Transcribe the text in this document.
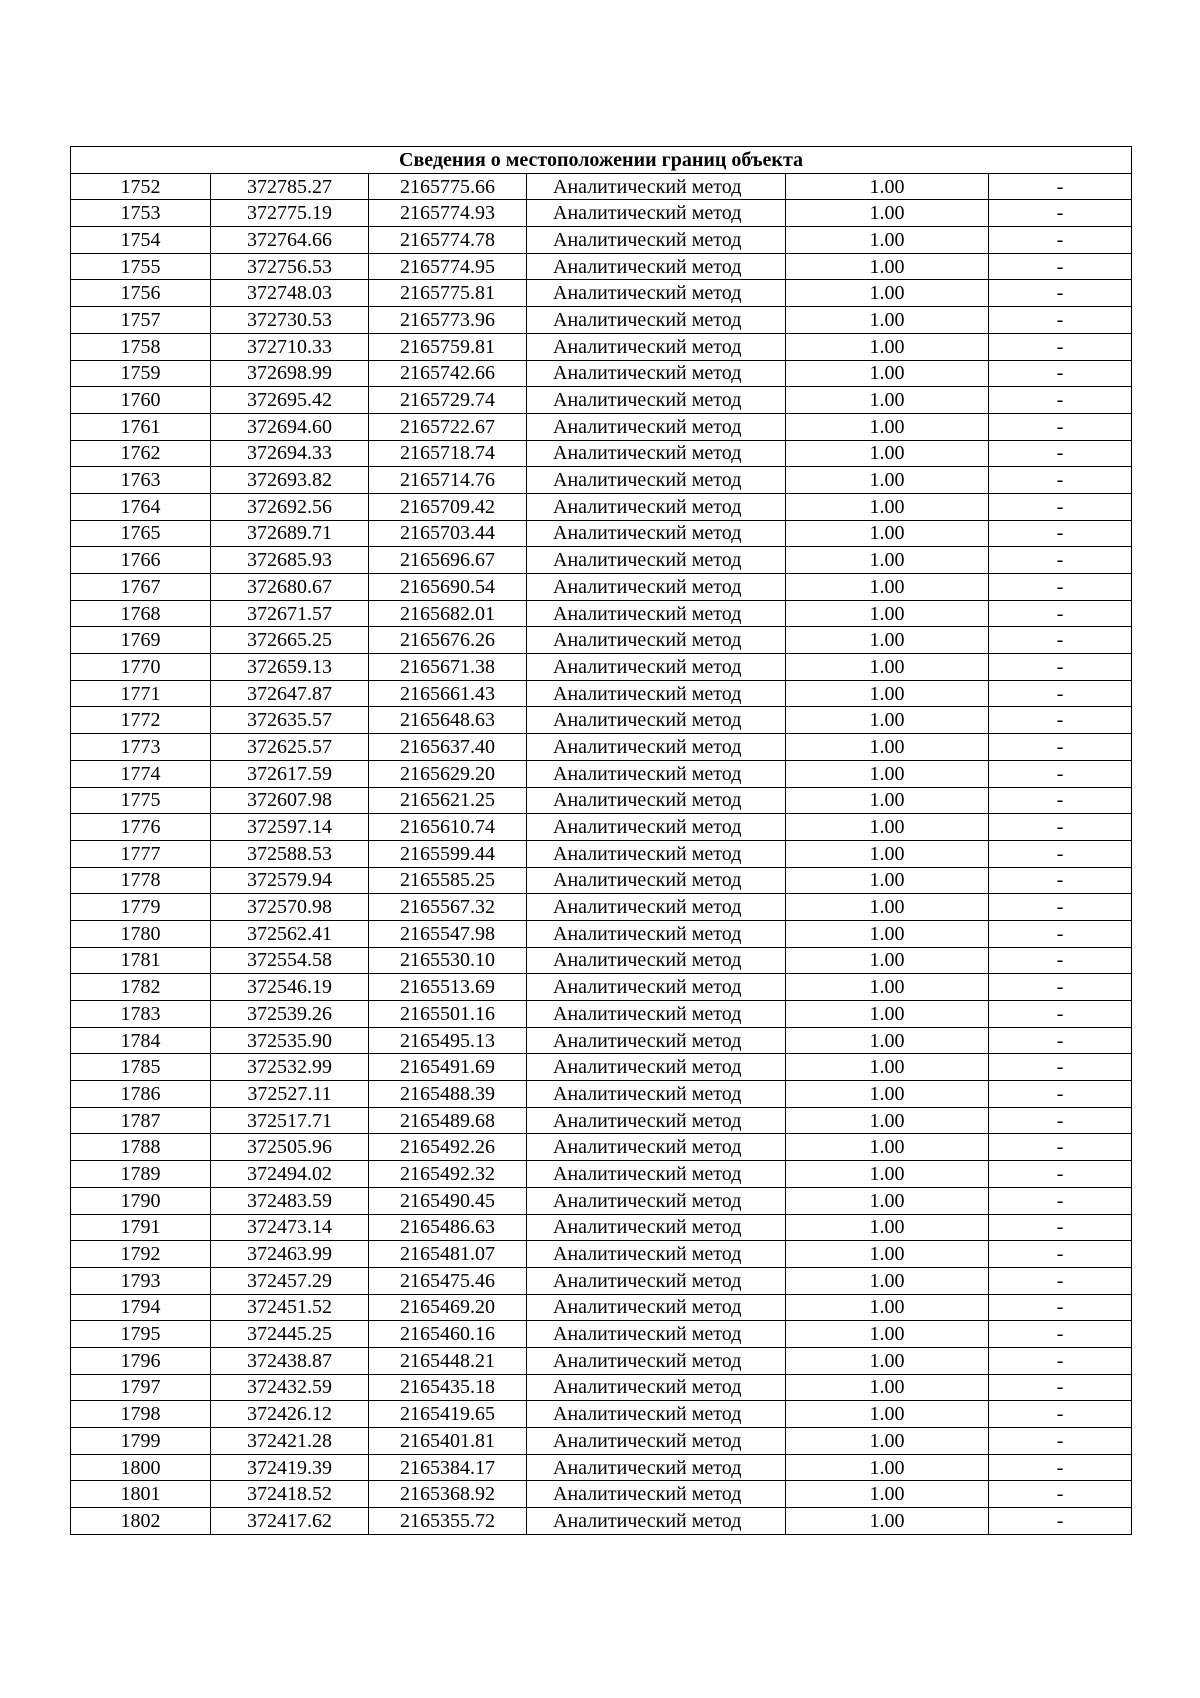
Сведения о местоположении границ объекта					
1752	372785.27	2165775.66	Аналитический метод	1.00	-
1753	372775.19	2165774.93	Аналитический метод	1.00	-
1754	372764.66	2165774.78	Аналитический метод	1.00	-
1755	372756.53	2165774.95	Аналитический метод	1.00	-
1756	372748.03	2165775.81	Аналитический метод	1.00	-
1757	372730.53	2165773.96	Аналитический метод	1.00	-
1758	372710.33	2165759.81	Аналитический метод	1.00	-
1759	372698.99	2165742.66	Аналитический метод	1.00	-
1760	372695.42	2165729.74	Аналитический метод	1.00	-
1761	372694.60	2165722.67	Аналитический метод	1.00	-
1762	372694.33	2165718.74	Аналитический метод	1.00	-
1763	372693.82	2165714.76	Аналитический метод	1.00	-
1764	372692.56	2165709.42	Аналитический метод	1.00	-
1765	372689.71	2165703.44	Аналитический метод	1.00	-
1766	372685.93	2165696.67	Аналитический метод	1.00	-
1767	372680.67	2165690.54	Аналитический метод	1.00	-
1768	372671.57	2165682.01	Аналитический метод	1.00	-
1769	372665.25	2165676.26	Аналитический метод	1.00	-
1770	372659.13	2165671.38	Аналитический метод	1.00	-
1771	372647.87	2165661.43	Аналитический метод	1.00	-
1772	372635.57	2165648.63	Аналитический метод	1.00	-
1773	372625.57	2165637.40	Аналитический метод	1.00	-
1774	372617.59	2165629.20	Аналитический метод	1.00	-
1775	372607.98	2165621.25	Аналитический метод	1.00	-
1776	372597.14	2165610.74	Аналитический метод	1.00	-
1777	372588.53	2165599.44	Аналитический метод	1.00	-
1778	372579.94	2165585.25	Аналитический метод	1.00	-
1779	372570.98	2165567.32	Аналитический метод	1.00	-
1780	372562.41	2165547.98	Аналитический метод	1.00	-
1781	372554.58	2165530.10	Аналитический метод	1.00	-
1782	372546.19	2165513.69	Аналитический метод	1.00	-
1783	372539.26	2165501.16	Аналитический метод	1.00	-
1784	372535.90	2165495.13	Аналитический метод	1.00	-
1785	372532.99	2165491.69	Аналитический метод	1.00	-
1786	372527.11	2165488.39	Аналитический метод	1.00	-
1787	372517.71	2165489.68	Аналитический метод	1.00	-
1788	372505.96	2165492.26	Аналитический метод	1.00	-
1789	372494.02	2165492.32	Аналитический метод	1.00	-
1790	372483.59	2165490.45	Аналитический метод	1.00	-
1791	372473.14	2165486.63	Аналитический метод	1.00	-
1792	372463.99	2165481.07	Аналитический метод	1.00	-
1793	372457.29	2165475.46	Аналитический метод	1.00	-
1794	372451.52	2165469.20	Аналитический метод	1.00	-
1795	372445.25	2165460.16	Аналитический метод	1.00	-
1796	372438.87	2165448.21	Аналитический метод	1.00	-
1797	372432.59	2165435.18	Аналитический метод	1.00	-
1798	372426.12	2165419.65	Аналитический метод	1.00	-
1799	372421.28	2165401.81	Аналитический метод	1.00	-
1800	372419.39	2165384.17	Аналитический метод	1.00	-
1801	372418.52	2165368.92	Аналитический метод	1.00	-
1802	372417.62	2165355.72	Аналитический метод	1.00	-
